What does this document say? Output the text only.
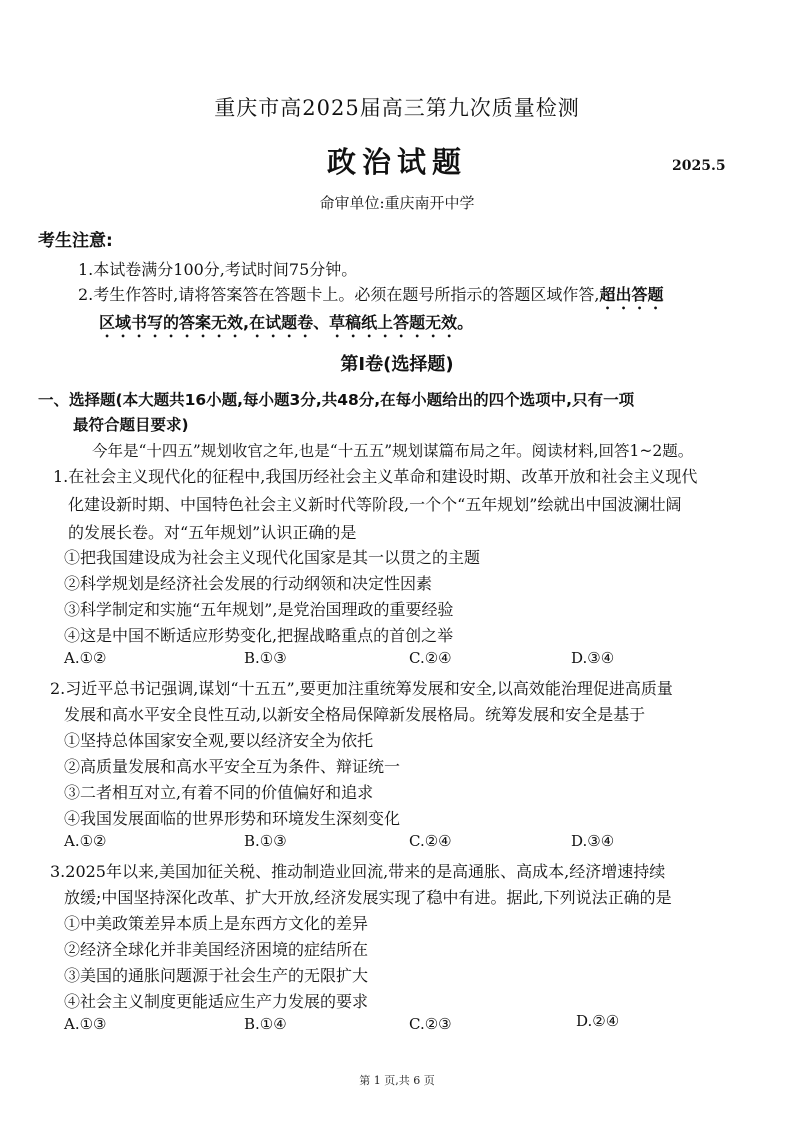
重庆市高2025届高三第九次质量检测
政治试题	2025.5
命审单位:重庆南开中学
考生注意:
1.本试卷满分100分,考试时间75分钟。
2.考生作答时,请将答案答在答题卡上。必须在题号所指示的答题区域作答,超出答题
区域书写的答案无效,在试题卷、草稿纸上答题无效。
第Ⅰ卷(选择题)
一、选择题(本大题共16小题,每小题3分,共48分,在每小题给出的四个选项中,只有一项
最符合题目要求)
今年是“十四五”规划收官之年,也是“十五五”规划谋篇布局之年。阅读材料,回答1~2题。
1.在社会主义现代化的征程中,我国历经社会主义革命和建设时期、改革开放和社会主义现代
化建设新时期、中国特色社会主义新时代等阶段,一个个“五年规划”绘就出中国波澜壮阔
的发展长卷。对“五年规划”认识正确的是
①把我国建设成为社会主义现代化国家是其一以贯之的主题
②科学规划是经济社会发展的行动纲领和决定性因素
③科学制定和实施“五年规划”,是党治国理政的重要经验
④这是中国不断适应形势变化,把握战略重点的首创之举
A.①②	B.①③	C.②④	D.③④
2.习近平总书记强调,谋划“十五五”,要更加注重统筹发展和安全,以高效能治理促进高质量
发展和高水平安全良性互动,以新安全格局保障新发展格局。统筹发展和安全是基于
①坚持总体国家安全观,要以经济安全为依托
②高质量发展和高水平安全互为条件、辩证统一
③二者相互对立,有着不同的价值偏好和追求
④我国发展面临的世界形势和环境发生深刻变化
A.①②	B.①③	C.②④	D.③④
3.2025年以来,美国加征关税、推动制造业回流,带来的是高通胀、高成本,经济增速持续
放缓;中国坚持深化改革、扩大开放,经济发展实现了稳中有进。据此,下列说法正确的是
①中美政策差异本质上是东西方文化的差异
②经济全球化并非美国经济困境的症结所在
③美国的通胀问题源于社会生产的无限扩大
④社会主义制度更能适应生产力发展的要求
A.①③	B.①④	C.②③	D.②④
第 1 页,共 6 页
